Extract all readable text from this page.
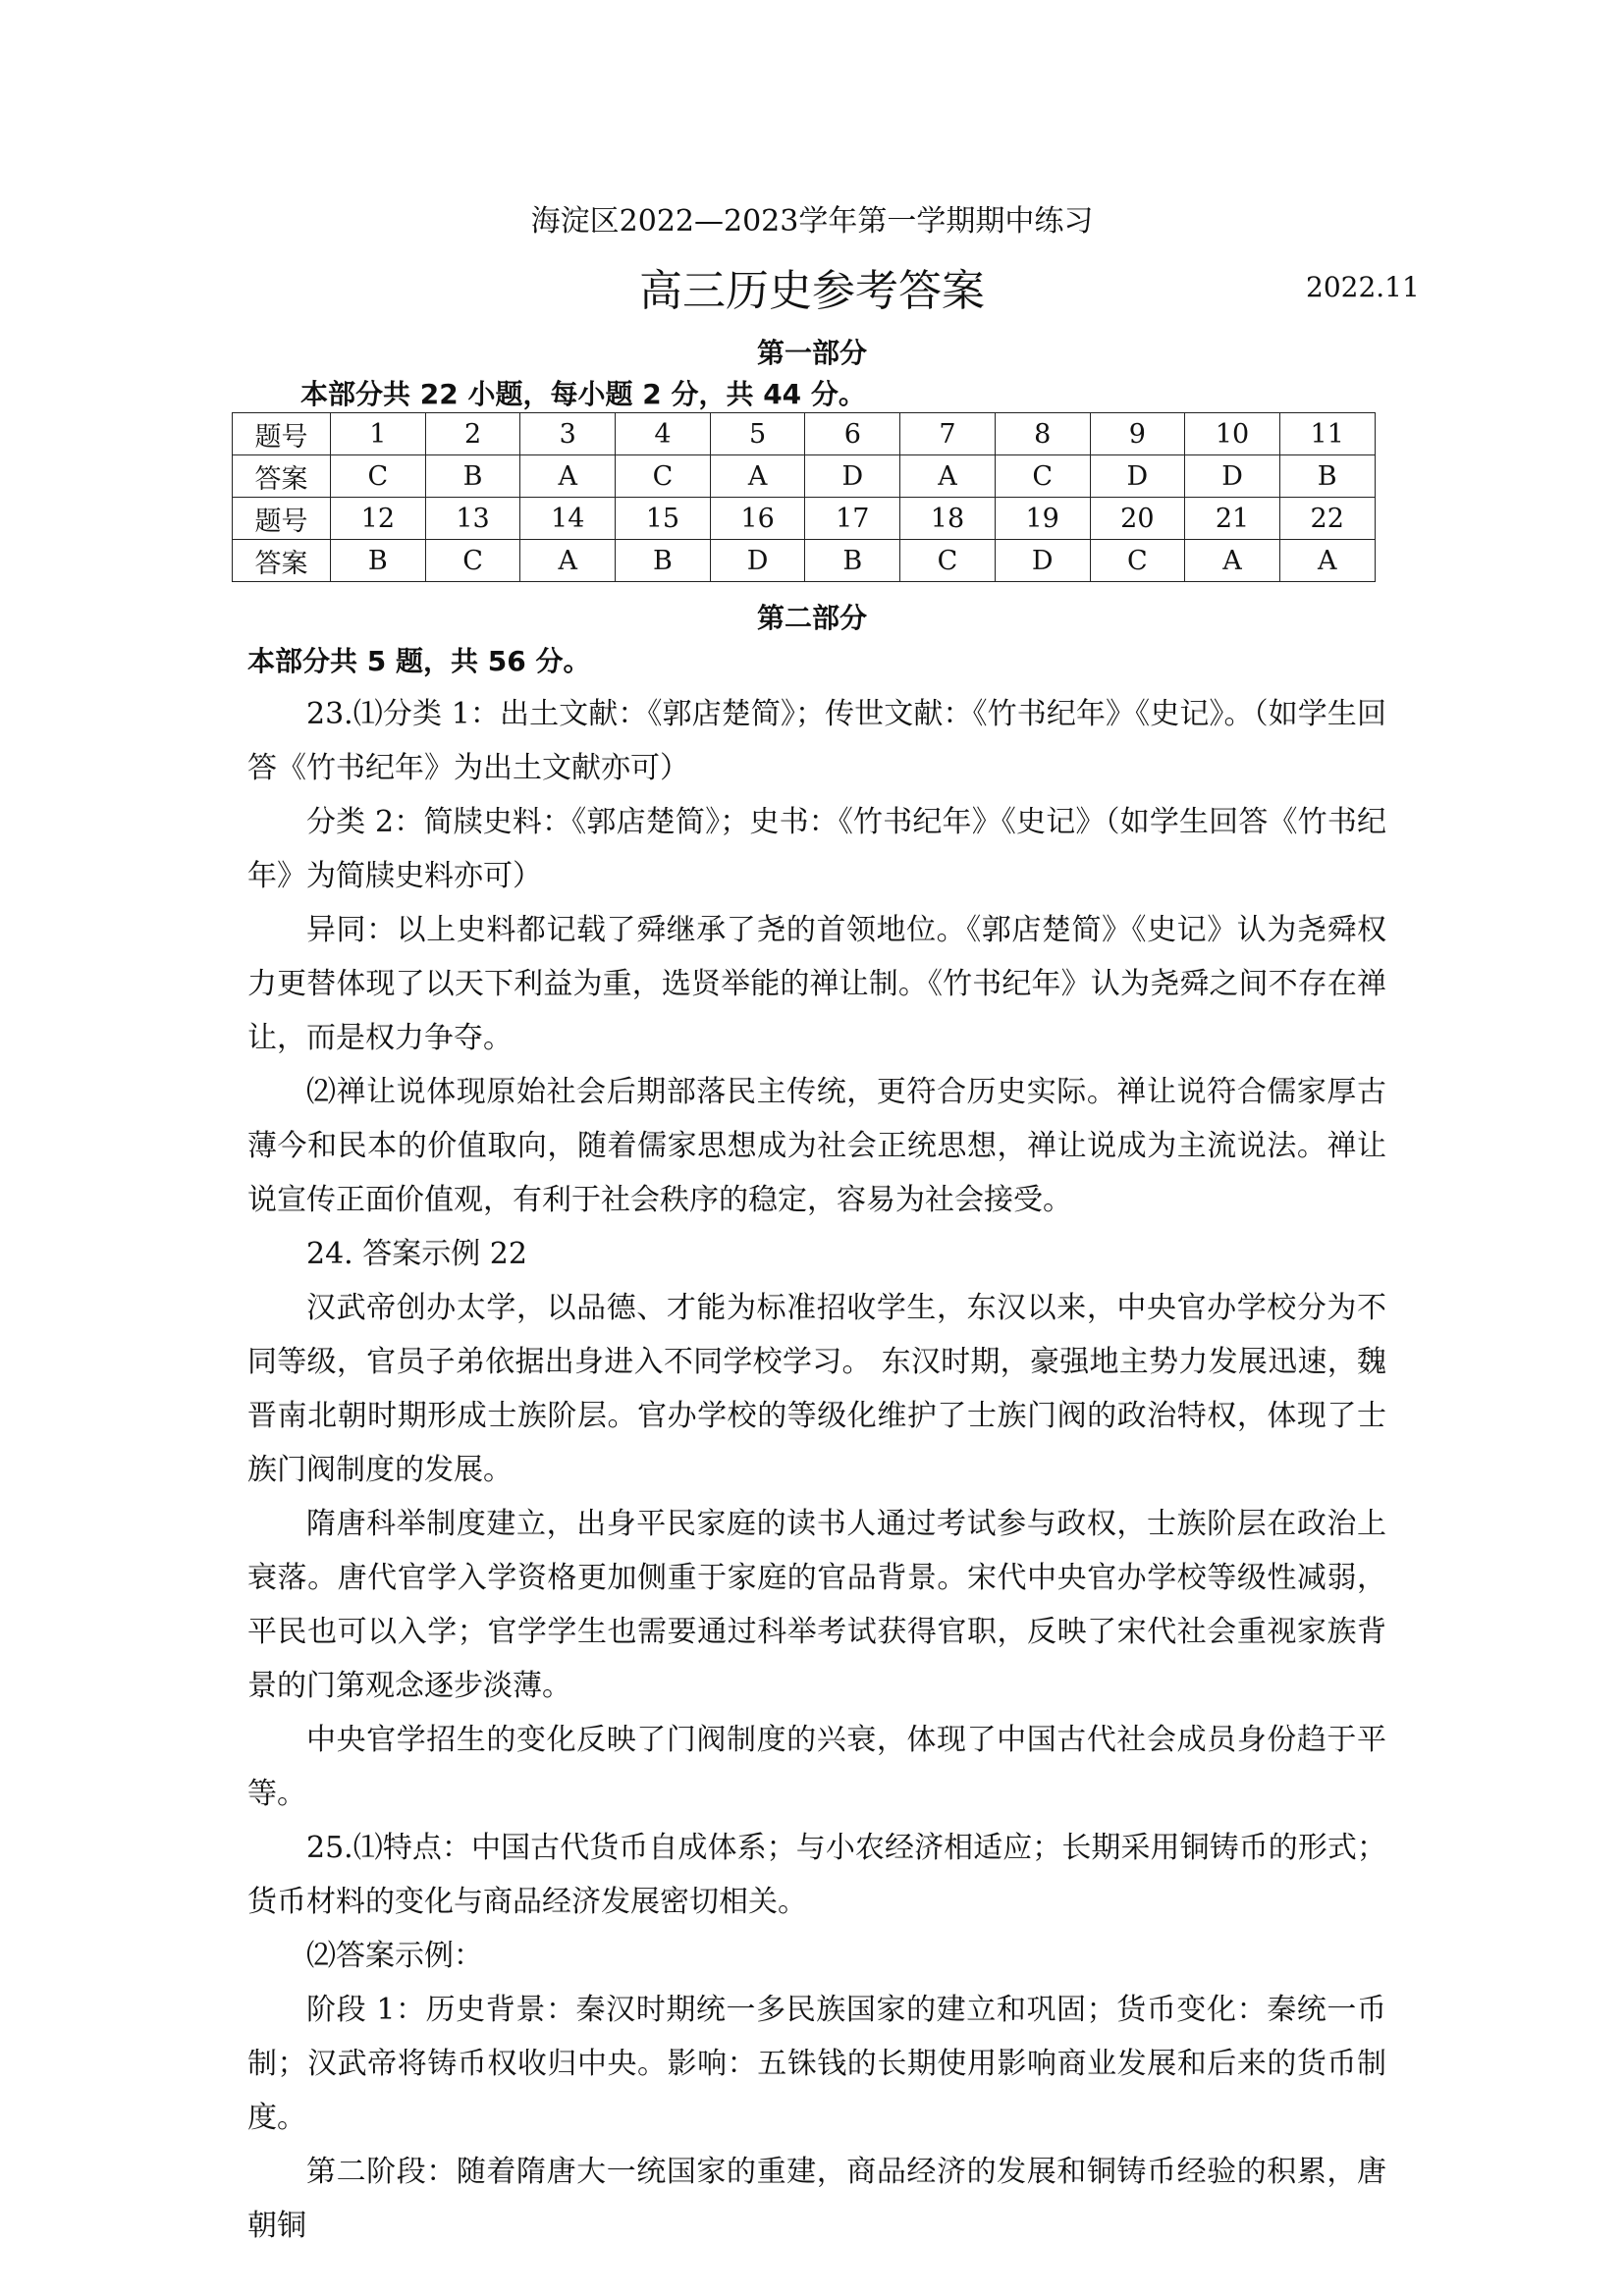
海淀区2022—2023学年第一学期期中练习
高三历史参考答案	2022.11
第一部分
本部分共 22 小题，每小题 2 分，共 44 分。
题号	1	2	3	4	5	6	7	8	9	10	11
答案	C	B	A	C	A	D	A	C	D	D	B
题号	12	13	14	15	16	17	18	19	20	21	22
答案	B	C	A	B	D	B	C	D	C	A	A
第二部分
本部分共 5 题，共 56 分。

23.⑴分类 1：出土文献：《郭店楚简》；传世文献：《竹书纪年》《史记》。（如学生回答《竹书纪年》为出土文献亦可）

分类 2：简牍史料：《郭店楚简》；史书：《竹书纪年》《史记》（如学生回答《竹书纪年》为简牍史料亦可）

异同：以上史料都记载了舜继承了尧的首领地位。《郭店楚简》《史记》认为尧舜权力更替体现了以天下利益为重，选贤举能的禅让制。《竹书纪年》认为尧舜之间不存在禅让，而是权力争夺。

⑵禅让说体现原始社会后期部落民主传统，更符合历史实际。禅让说符合儒家厚古薄今和民本的价值取向，随着儒家思想成为社会正统思想，禅让说成为主流说法。禅让说宣传正面价值观，有利于社会秩序的稳定，容易为社会接受。

24. 答案示例 22

汉武帝创办太学，以品德、才能为标准招收学生，东汉以来，中央官办学校分为不同等级，官员子弟依据出身进入不同学校学习。 东汉时期，豪强地主势力发展迅速，魏晋南北朝时期形成士族阶层。官办学校的等级化维护了士族门阀的政治特权，体现了士族门阀制度的发展。

隋唐科举制度建立，出身平民家庭的读书人通过考试参与政权，士族阶层在政治上衰落。唐代官学入学资格更加侧重于家庭的官品背景。宋代中央官办学校等级性减弱，平民也可以入学；官学学生也需要通过科举考试获得官职，反映了宋代社会重视家族背景的门第观念逐步淡薄。

中央官学招生的变化反映了门阀制度的兴衰，体现了中国古代社会成员身份趋于平等。

25.⑴特点：中国古代货币自成体系；与小农经济相适应；长期采用铜铸币的形式；货币材料的变化与商品经济发展密切相关。

⑵答案示例：

阶段 1：历史背景：秦汉时期统一多民族国家的建立和巩固；货币变化：秦统一币制；汉武帝将铸币权收归中央。影响：五铢钱的长期使用影响商业发展和后来的货币制度。

第二阶段：随着隋唐大一统国家的重建，商品经济的发展和铜铸币经验的积累，唐朝铜
